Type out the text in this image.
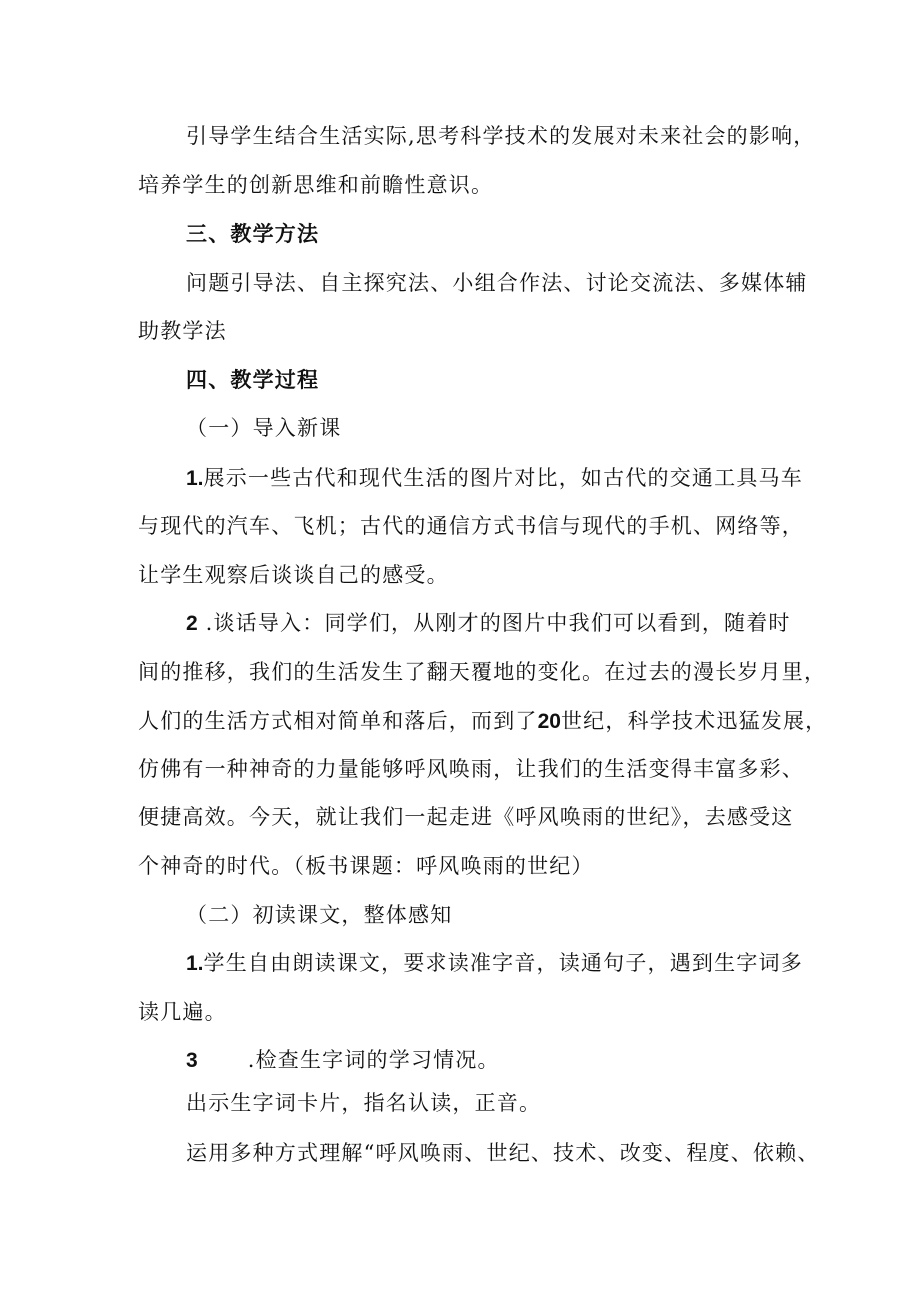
引导学生结合生活实际,思考科学技术的发展对未来社会的影响，
培养学生的创新思维和前瞻性意识。
三、教学方法
问题引导法、自主探究法、小组合作法、讨论交流法、多媒体辅
助教学法
四、教学过程
（一）导入新课
1.展示一些古代和现代生活的图片对比，如古代的交通工具马车
与现代的汽车、飞机；古代的通信方式书信与现代的手机、网络等，
让学生观察后谈谈自己的感受。
2 .谈话导入：同学们，从刚才的图片中我们可以看到，随着时
间的推移，我们的生活发生了翻天覆地的变化。在过去的漫长岁月里，
人们的生活方式相对简单和落后，而到了20世纪，科学技术迅猛发展，
仿佛有一种神奇的力量能够呼风唤雨，让我们的生活变得丰富多彩、
便捷高效。今天，就让我们一起走进《呼风唤雨的世纪》，去感受这
个神奇的时代。（板书课题：呼风唤雨的世纪）
（二）初读课文，整体感知
1.学生自由朗读课文，要求读准字音，读通句子，遇到生字词多
读几遍。
3 .检查生字词的学习情况。
出示生字词卡片，指名认读，正音。
运用多种方式理解“呼风唤雨、世纪、技术、改变、程度、依赖、
